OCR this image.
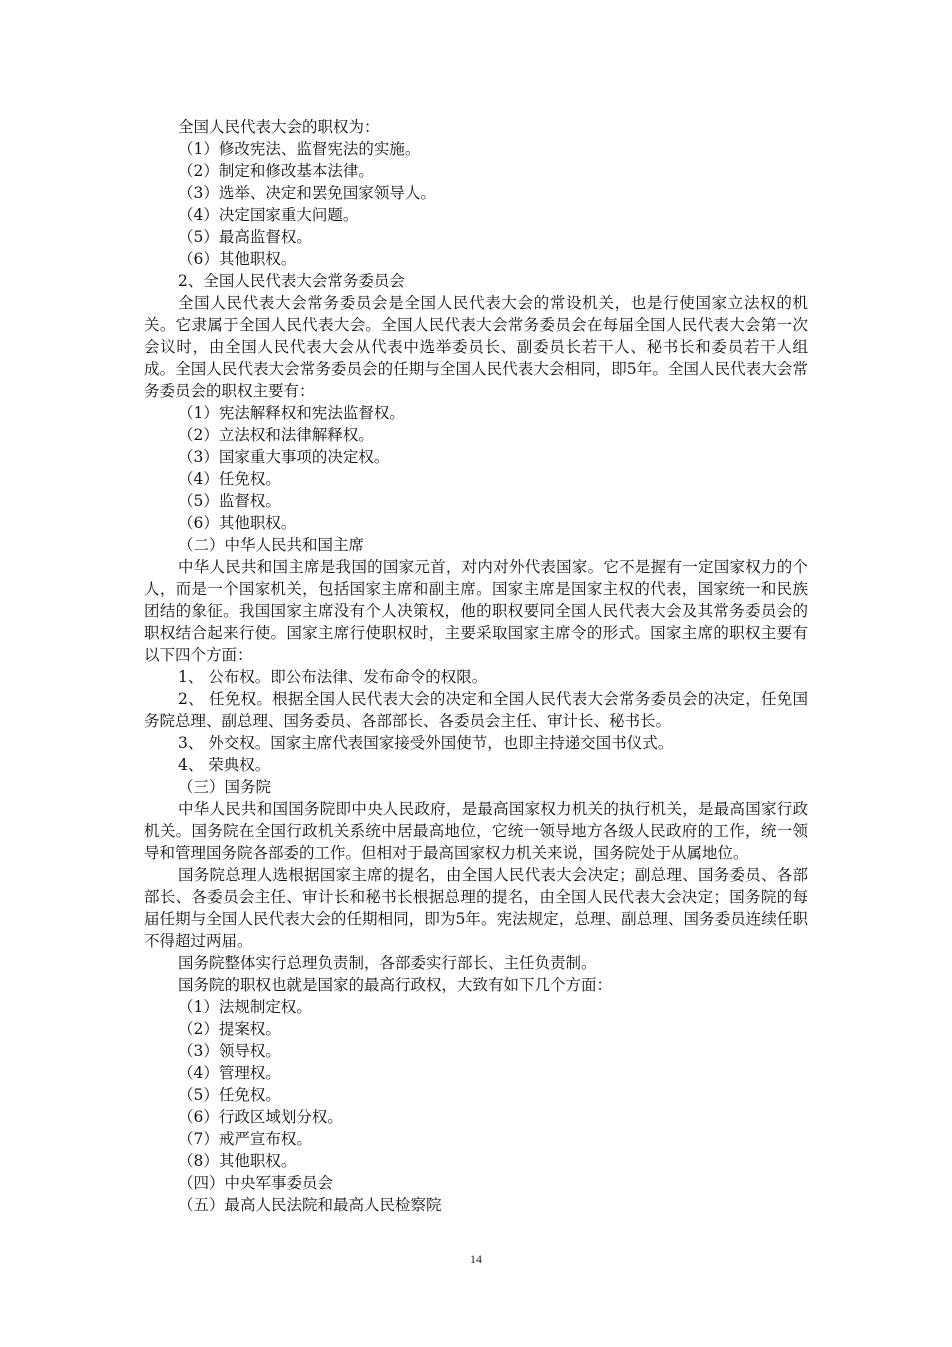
全国人民代表大会的职权为：
（1）修改宪法、监督宪法的实施。
（2）制定和修改基本法律。
（3）选举、决定和罢免国家领导人。
（4）决定国家重大问题。
（5）最高监督权。
（6）其他职权。
2、全国人民代表大会常务委员会

全国人民代表大会常务委员会是全国人民代表大会的常设机关，也是行使国家立法权的机关。它隶属于全国人民代表大会。全国人民代表大会常务委员会在每届全国人民代表大会第一次会议时，由全国人民代表大会从代表中选举委员长、副委员长若干人、秘书长和委员若干人组成。全国人民代表大会常务委员会的任期与全国人民代表大会相同，即5年。全国人民代表大会常务委员会的职权主要有：

（1）宪法解释权和宪法监督权。
（2）立法权和法律解释权。
（3）国家重大事项的决定权。
（4）任免权。
（5）监督权。
（6）其他职权。
（二）中华人民共和国主席

中华人民共和国主席是我国的国家元首，对内对外代表国家。它不是握有一定国家权力的个人，而是一个国家机关，包括国家主席和副主席。国家主席是国家主权的代表，国家统一和民族团结的象征。我国国家主席没有个人决策权，他的职权要同全国人民代表大会及其常务委员会的职权结合起来行使。国家主席行使职权时，主要采取国家主席令的形式。国家主席的职权主要有以下四个方面：

1、 公布权。即公布法律、发布命令的权限。

2、 任免权。根据全国人民代表大会的决定和全国人民代表大会常务委员会的决定，任免国务院总理、副总理、国务委员、各部部长、各委员会主任、审计长、秘书长。

3、 外交权。国家主席代表国家接受外国使节，也即主持递交国书仪式。
4、 荣典权。
（三）国务院

中华人民共和国国务院即中央人民政府，是最高国家权力机关的执行机关，是最高国家行政机关。国务院在全国行政机关系统中居最高地位，它统一领导地方各级人民政府的工作，统一领导和管理国务院各部委的工作。但相对于最高国家权力机关来说，国务院处于从属地位。

国务院总理人选根据国家主席的提名，由全国人民代表大会决定；副总理、国务委员、各部部长、各委员会主任、审计长和秘书长根据总理的提名，由全国人民代表大会决定；国务院的每届任期与全国人民代表大会的任期相同，即为5年。宪法规定，总理、副总理、国务委员连续任职不得超过两届。

国务院整体实行总理负责制，各部委实行部长、主任负责制。
国务院的职权也就是国家的最高行政权，大致有如下几个方面：
（1）法规制定权。
（2）提案权。
（3）领导权。
（4）管理权。
（5）任免权。
（6）行政区域划分权。
（7）戒严宣布权。
（8）其他职权。
（四）中央军事委员会
（五）最高人民法院和最高人民检察院
14
